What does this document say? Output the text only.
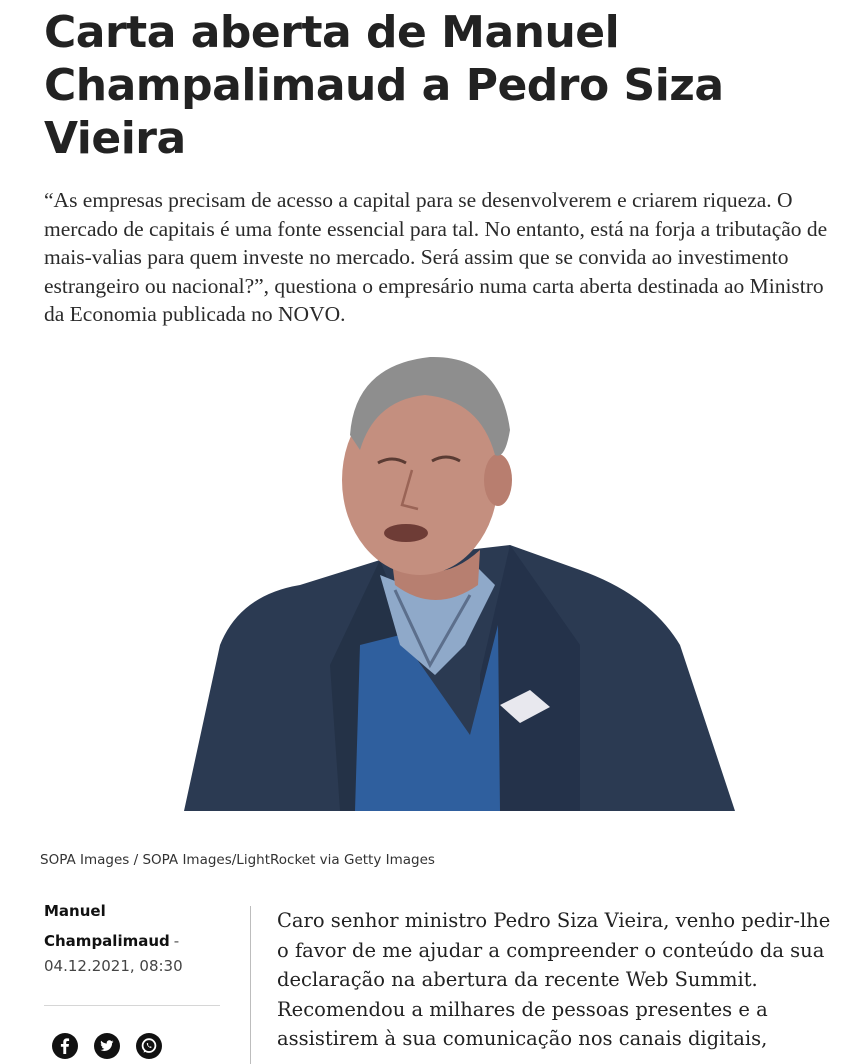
Carta aberta de Manuel Champalimaud a Pedro Siza Vieira

“As empresas precisam de acesso a capital para se desenvolverem e criarem riqueza. O mercado de capitais é uma fonte essencial para tal. No entanto, está na forja a tributação de mais-valias para quem investe no mercado. Será assim que se convida ao investimento estrangeiro ou nacional?”, questiona o empresário numa carta aberta destinada ao Ministro da Economia publicada no NOVO.

SOPA Images / SOPA Images/LightRocket via Getty Images
Manuel
Champalimaud -
04.12.2021, 08:30

Caro senhor ministro Pedro Siza Vieira, venho pedir-lhe o favor de me ajudar a compreender o conteúdo da sua declaração na abertura da recente Web Summit. Recomendou a milhares de pessoas presentes e a assistirem à sua comunicação nos canais digitais,
